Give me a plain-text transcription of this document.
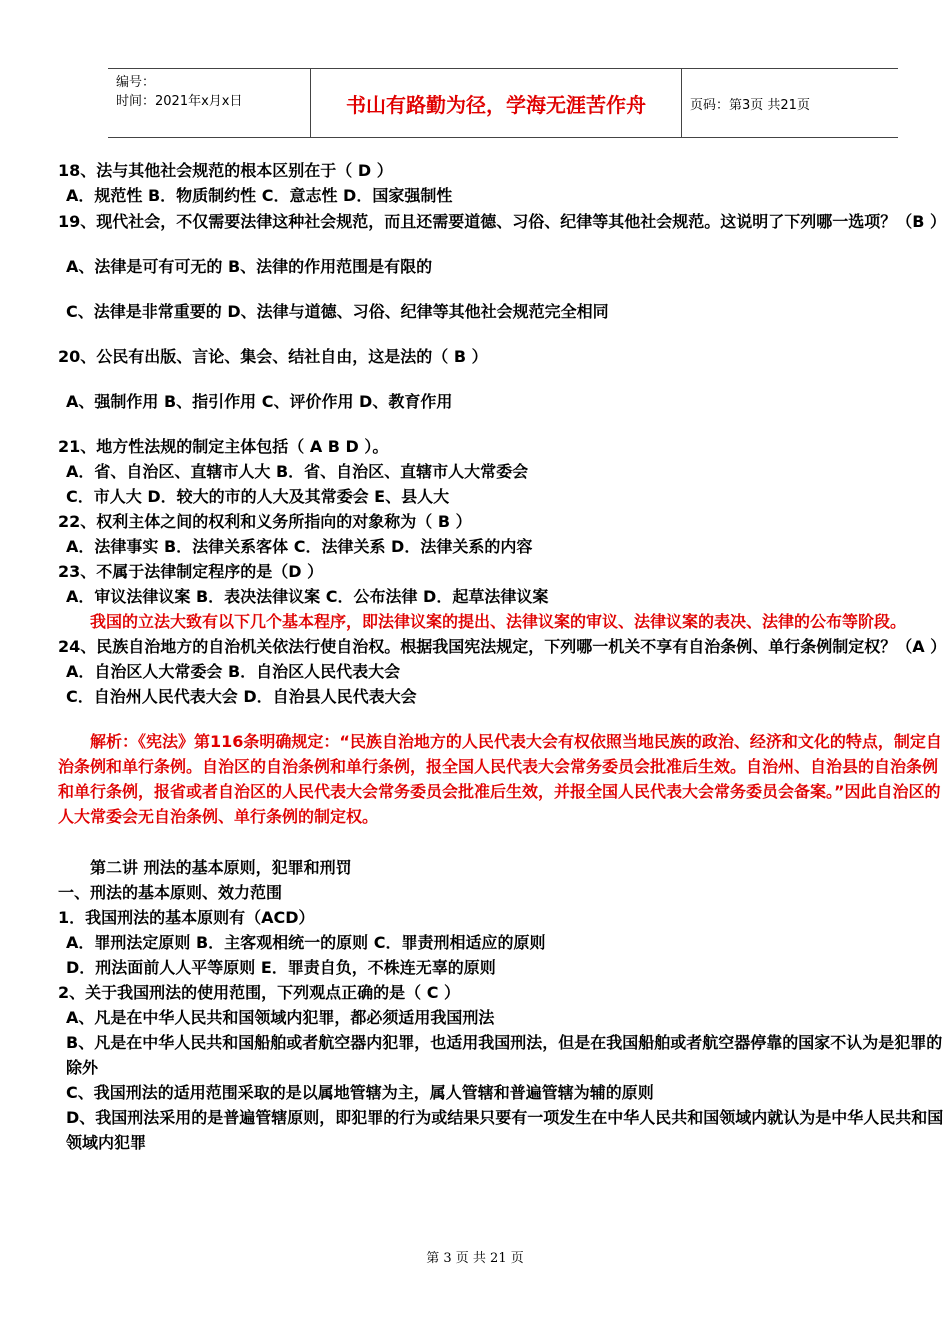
编号：
时间：2021年x月x日	书山有路勤为径，学海无涯苦作舟	页码：第3页 共21页

18、法与其他社会规范的根本区别在于（ D ）

A．规范性 B．物质制约性 C．意志性 D．国家强制性

19、现代社会，不仅需要法律这种社会规范，而且还需要道德、习俗、纪律等其他社会规范。这说明了下列哪一选项？（B ）

A、法律是可有可无的 B、法律的作用范围是有限的

C、法律是非常重要的 D、法律与道德、习俗、纪律等其他社会规范完全相同

20、公民有出版、言论、集会、结社自由，这是法的（ B ）

A、强制作用 B、指引作用 C、评价作用 D、教育作用

21、地方性法规的制定主体包括（ A B D ）。

A．省、自治区、直辖市人大 B．省、自治区、直辖市人大常委会

C．市人大 D．较大的市的人大及其常委会 E、县人大

22、权利主体之间的权利和义务所指向的对象称为（ B ）

A．法律事实 B．法律关系客体 C．法律关系 D．法律关系的内容

23、不属于法律制定程序的是（D ）

A．审议法律议案 B．表决法律议案 C．公布法律 D．起草法律议案

我国的立法大致有以下几个基本程序，即法律议案的提出、法律议案的审议、法律议案的表决、法律的公布等阶段。

24、民族自治地方的自治机关依法行使自治权。根据我国宪法规定，下列哪一机关不享有自治条例、单行条例制定权？（A ）

A．自治区人大常委会 B．自治区人民代表大会

C．自治州人民代表大会 D．自治县人民代表大会

解析：《宪法》第116条明确规定：“民族自治地方的人民代表大会有权依照当地民族的政治、经济和文化的特点，制定自治条例和单行条例。自治区的自治条例和单行条例，报全国人民代表大会常务委员会批准后生效。自治州、自治县的自治条例和单行条例，报省或者自治区的人民代表大会常务委员会批准后生效，并报全国人民代表大会常务委员会备案。”因此自治区的人大常委会无自治条例、单行条例的制定权。

第二讲 刑法的基本原则，犯罪和刑罚

一、刑法的基本原则、效力范围

1．我国刑法的基本原则有（ACD）

A．罪刑法定原则 B．主客观相统一的原则 C．罪责刑相适应的原则

D．刑法面前人人平等原则 E．罪责自负，不株连无辜的原则

2、关于我国刑法的使用范围，下列观点正确的是（ C ）

A、凡是在中华人民共和国领域内犯罪，都必须适用我国刑法

B、凡是在中华人民共和国船舶或者航空器内犯罪，也适用我国刑法，但是在我国船舶或者航空器停靠的国家不认为是犯罪的除外

C、我国刑法的适用范围采取的是以属地管辖为主，属人管辖和普遍管辖为辅的原则

D、我国刑法采用的是普遍管辖原则，即犯罪的行为或结果只要有一项发生在中华人民共和国领域内就认为是中华人民共和国领域内犯罪

第 3 页 共 21 页
